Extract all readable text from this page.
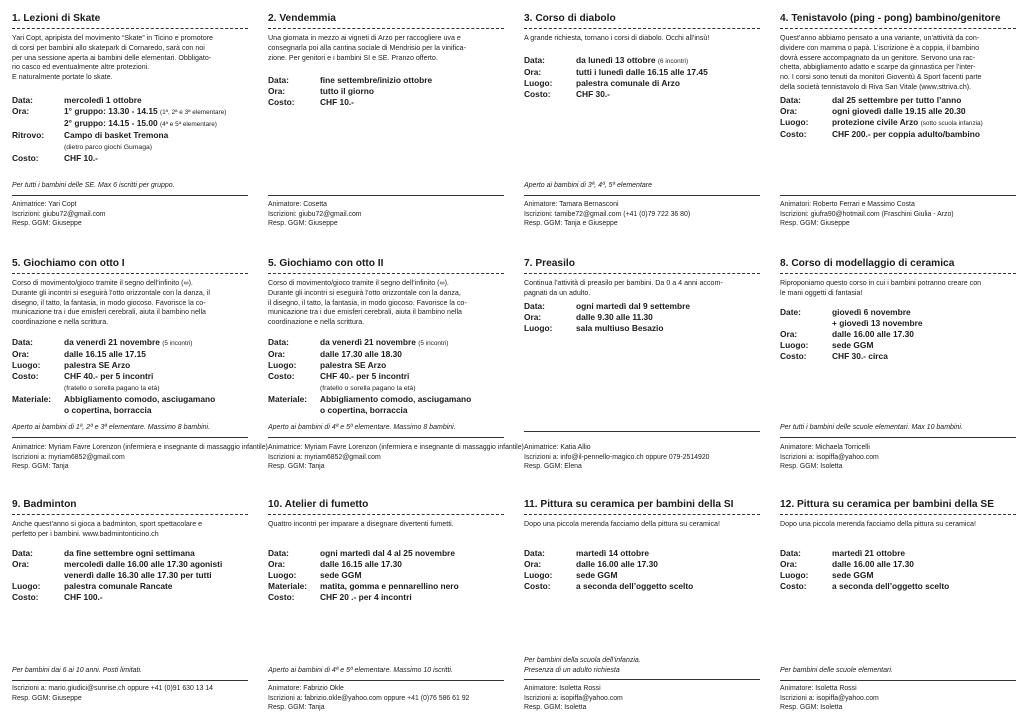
1. Lezioni di Skate
Yari Copt, apripista del movimento “Skate” in Ticino e promotore
di corsi per bambini allo skatepark di Cornaredo, sarà con noi
per una sessione aperta ai bambini delle elementari. Obbligato-
rio casco ed eventualmente altre protezioni.
E naturalmente portate lo skate.
Data:	mercoledì 1 ottobre
Ora:	1° gruppo: 13.30 - 14.15 (1ª, 2ª e 3ª elementare)
2° gruppo: 14.15 - 15.00 (4ª e 5ª elementare)
Ritrovo:	Campo di basket Tremona
(dietro parco giochi Gumaga)
Costo:	CHF 10.-
Per tutti i bambini delle SE. Max 6 iscritti per gruppo.
Animatrice: Yari Copt
Iscrizioni: giubu72@gmail.com
Resp. GGM: Giuseppe
2. Vendemmia
Una giornata in mezzo ai vigneti di Arzo per raccogliere uva e
consegnarla poi alla cantina sociale di Mendrisio per la vinifica-
zione. Per genitori e i bambini SI e SE. Pranzo offerto.
Data:	fine settembre/inizio ottobre
Ora:	tutto il giorno
Costo:	CHF 10.-
Animatore: Cosetta
Iscrizioni: giubu72@gmail.com
Resp. GGM: Giuseppe
3. Corso di diabolo
A grande richiesta, tornano i corsi di diabolo. Occhi all’insù!
Data:	da lunedì 13 ottobre (6 incontri)
Ora:	tutti i lunedì dalle 16.15 alle 17.45
Luogo:	palestra comunale di Arzo
Costo:	CHF 30.-
Aperto ai bambini di 3ª, 4ª, 5ª elementare
Animatore: Tamara Bernasconi
Iscrizioni: tamibe72@gmail.com (+41 (0)79 722 36 80)
Resp. GGM: Tanja e Giuseppe
4. Tenistavolo (ping - pong) bambino/genitore
Quest’anno abbiamo pensato a una variante, un’attività da con-
dividere con mamma o papà. L’iscrizione è a coppia, il bambino
dovrà essere accompagnato da un genitore. Servono una rac-
chetta, abbigliamento adatto e scarpe da ginnastica per l’inter-
no. I corsi sono tenuti da monitori Gioventù & Sport facenti parte
della società tennistavolo di Riva San Vitale (www.sttriva.ch).
Data:	dal 25 settembre per tutto l’anno
Ora:	ogni giovedì dalle 19.15 alle 20.30
Luogo:	protezione civile Arzo (sotto scuola infanzia)
Costo:	CHF 200.- per coppia adulto/bambino
Animatori: Roberto Ferrari e Massimo Costa
Iscrizioni: giufra90@hotmail.com (Fraschini Giulia - Arzo)
Resp. GGM: Giuseppe
5. Giochiamo con otto I
Corso di movimento/gioco tramite il segno dell’infinito (∞).
Durante gli incontri si eseguirà l’otto orizzontale con la danza, il
disegno, il tatto, la fantasia, in modo giocoso. Favorisce la co-
municazione tra i due emisferi cerebrali, aiuta il bambino nella
coordinazione e nella scrittura.
Data:	da venerdì 21 novembre (5 incontri)
Ora:	dalle 16.15 alle 17.15
Luogo:	palestra SE Arzo
Costo:	CHF 40.- per 5 incontri
(fratello o sorella pagano la età)
Materiale:	Abbigliamento comodo, asciugamano
o copertina, borraccia
Aperto ai bambini di 1ª, 2ª e 3ª elementare. Massimo 8 bambini.
Animatrice: Myriam Favre Lorenzon (infermiera e insegnante di massaggio infantile)
Iscrizioni a: myriam6852@gmail.com
Resp. GGM: Tanja
5. Giochiamo con otto II
Corso di movimento/gioco tramite il segno dell’infinito (∞).
Durante gli incontri si eseguirà l’otto orizzontale con la danza,
il disegno, il tatto, la fantasia, in modo giocoso. Favorisce la co-
municazione tra i due emisferi cerebrali, aiuta il bambino nella
coordinazione e nella scrittura.
Data:	da venerdì 21 novembre (5 incontri)
Ora:	dalle 17.30 alle 18.30
Luogo:	palestra SE Arzo
Costo:	CHF 40.- per 5 incontri
(fratello o sorella pagano la età)
Materiale:	Abbigliamento comodo, asciugamano
o copertina, borraccia
Aperto ai bambini di 4ª e 5ª elementare. Massimo 8 bambini.
Animatrice: Myriam Favre Lorenzon (infermiera e insegnante di massaggio infantile)
Iscrizioni a: myriam6852@gmail.com
Resp. GGM: Tanja
7. Preasilo
Continua l’attività di preasilo per bambini. Da 0 a 4 anni accom-
pagnati da un adulto.
Data:	ogni martedì dal 9 settembre
Ora:	dalle 9.30 alle 11.30
Luogo:	sala multiuso Besazio
Animatrice: Katia Allio
Iscrizioni a: info@il-pennello-magico.ch oppure 079-2514920
Resp. GGM: Elena
8. Corso di modellaggio di ceramica
Riproponiamo questo corso in cui i bambini potranno creare con
le mani oggetti di fantasia!
Date:	giovedì 6 novembre
+ giovedì 13 novembre
Ora:	dalle 16.00 alle 17.30
Luogo:	sede GGM
Costo:	CHF 30.- circa
Per tutti i bambini delle scuole elementari. Max 10 bambini.
Animatore: Michaela Torricelli
Iscrizioni a: isopiffa@yahoo.com
Resp. GGM: Isoletta
9. Badminton
Anche quest’anno si gioca a badminton, sport spettacolare e
perfetto per i bambini. www.badmintonticino.ch
Data:	da fine settembre ogni settimana
Ora:	mercoledì dalle 16.00 alle 17.30 agonisti
venerdì dalle 16.30 alle 17.30 per tutti
Luogo:	palestra comunale Rancate
Costo:	CHF 100.-
Per bambini dai 6 ai 10 anni. Posti limitati.
Iscrizioni a: mario.giudici@sunrise.ch oppure +41 (0)91 630 13 14
Resp. GGM: Giuseppe
10. Atelier di fumetto
Quattro incontri per imparare a disegnare divertenti fumetti.
Data:	ogni martedì dal 4 al 25 novembre
Ora:	dalle 16.15 alle 17.30
Luogo:	sede GGM
Materiale:	matita, gomma e pennarellino nero
Costo:	CHF 20 .- per 4 incontri
Aperto ai bambini di 4ª e 5ª elementare. Massimo 10 iscritti.
Animatore: Fabrizio Okle
Iscrizioni a: fabrizio.okle@yahoo.com oppure +41 (0)76 586 61 92
Resp. GGM: Tanja
11. Pittura su ceramica per bambini della SI
Dopo una piccola merenda facciamo della pittura su ceramica!
Data:	martedì 14 ottobre
Ora:	dalle 16.00 alle 17.30
Luogo:	sede GGM
Costo:	a seconda dell’oggetto scelto
Per bambini della scuola dell’infanzia.
Presenza di un adulto richiesta
Animatore: Isoletta Rossi
Iscrizioni a: isopiffa@yahoo.com
Resp. GGM: Isoletta
12. Pittura su ceramica per bambini della SE
Dopo una piccola merenda facciamo della pittura su ceramica!
Data:	martedì 21 ottobre
Ora:	dalle 16.00 alle 17.30
Luogo:	sede GGM
Costo:	a seconda dell’oggetto scelto
Per bambini delle scuole elementari.
Animatore: Isoletta Rossi
Iscrizioni a: isopiffa@yahoo.com
Resp. GGM: Isoletta
